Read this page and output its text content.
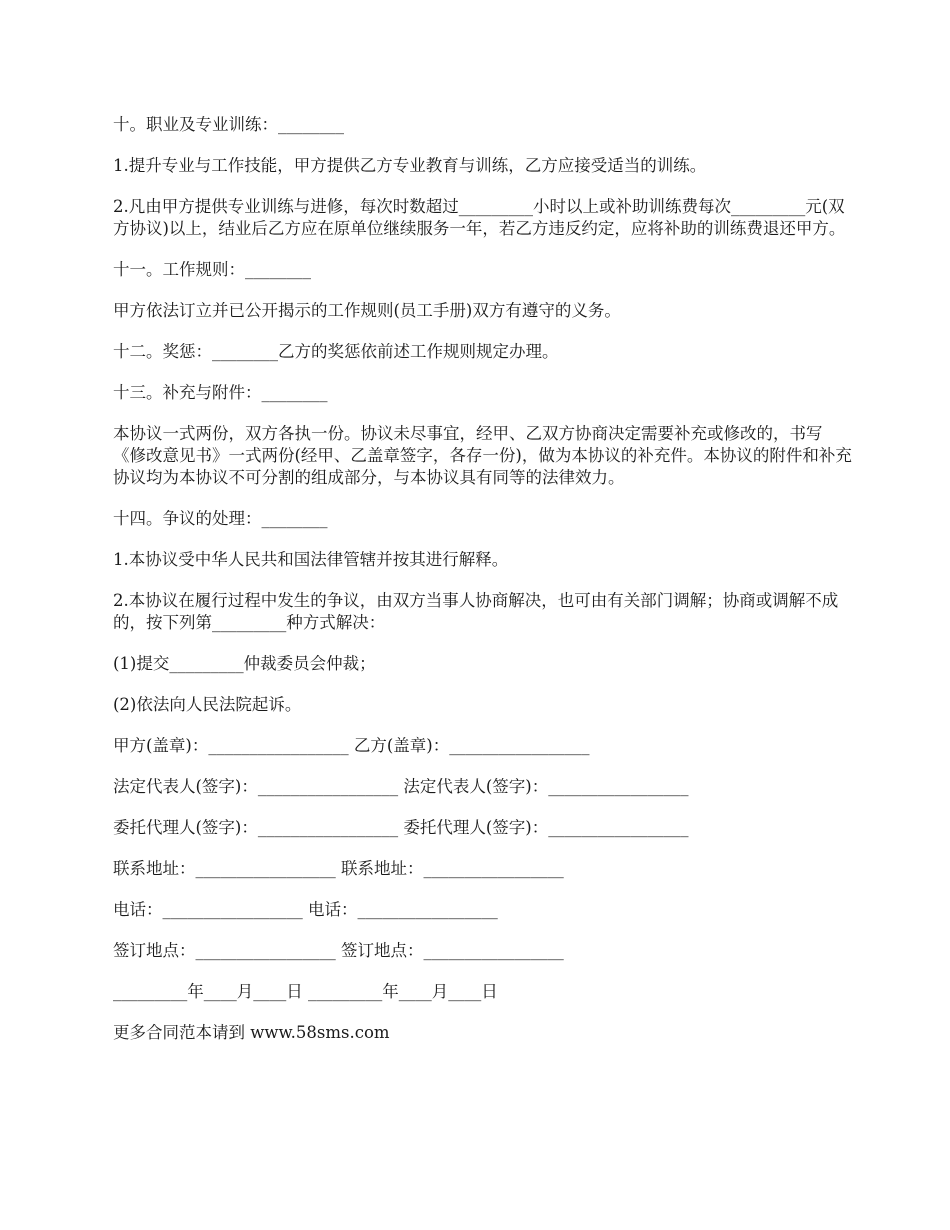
十。职业及专业训练：________

1.提升专业与工作技能，甲方提供乙方专业教育与训练，乙方应接受适当的训练。

2.凡由甲方提供专业训练与进修，每次时数超过_________小时以上或补助训练费每次_________元(双方协议)以上，结业后乙方应在原单位继续服务一年，若乙方违反约定，应将补助的训练费退还甲方。

十一。工作规则：________

甲方依法订立并已公开揭示的工作规则(员工手册)双方有遵守的义务。

十二。奖惩：________乙方的奖惩依前述工作规则规定办理。

十三。补充与附件：________

本协议一式两份，双方各执一份。协议未尽事宜，经甲、乙双方协商决定需要补充或修改的，书写《修改意见书》一式两份(经甲、乙盖章签字，各存一份)，做为本协议的补充件。本协议的附件和补充协议均为本协议不可分割的组成部分，与本协议具有同等的法律效力。

十四。争议的处理：________

1.本协议受中华人民共和国法律管辖并按其进行解释。

2.本协议在履行过程中发生的争议，由双方当事人协商解决，也可由有关部门调解；协商或调解不成的，按下列第_________种方式解决：

(1)提交_________仲裁委员会仲裁；

(2)依法向人民法院起诉。

甲方(盖章)：_________________ 乙方(盖章)：_________________

法定代表人(签字)：_________________ 法定代表人(签字)：_________________

委托代理人(签字)：_________________ 委托代理人(签字)：_________________

联系地址：_________________ 联系地址：_________________

电话：_________________ 电话：_________________

签订地点：_________________ 签订地点：_________________

_________年____月____日 _________年____月____日

更多合同范本请到 www.58sms.com
